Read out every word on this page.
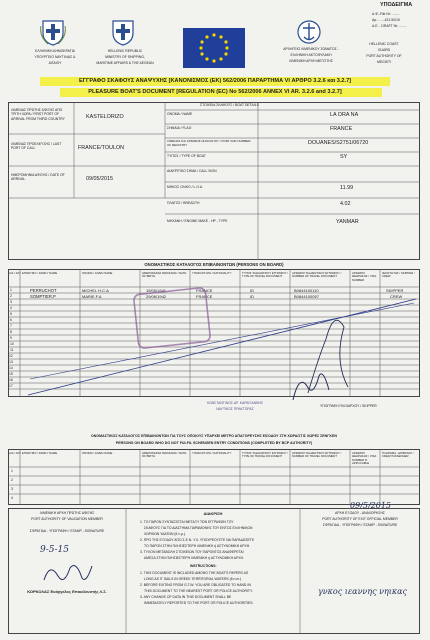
ΥΠΟΔΕΙΓΜΑ
Α.Φ.-File Nr: ........
Αρ.: ......421.50/15
Α.Ε. - DRAFT Nr: ........
ΕΛΛΗΝΙΚΗ ΔΗΜΟΚΡΑΤΙΑ
ΥΠΟΥΡΓΕΙΟ ΝΑΥΤΙΛΙΑΣ &
ΑΙΓΑΙΟΥ
HELLENIC REPUBLIC
MINISTRY OF SHIPPING,
MARITIME AFFAIRS & THE AEGEAN
ΑΡΧΗΓΕΙΟ ΛΙΜΕΝΙΚΟΥ ΣΩΜΑΤΟΣ -
ΕΛΛΗΝΙΚΗ ΑΚΤΟΦΥΛΑΚΗ
ΛΙΜΕΝΙΚΗ ΑΡΧΗ ΜΕΓΙΣΤΗΣ
HELLENIC COAST
GUARD
PORT AUTHORITY OF
MEGISTI
ΕΓΓΡΑΦΟ ΣΚΑΦΟΥΣ ΑΝΑΨΥΧΗΣ [ΚΑΝΟΝΙΣΜΟΣ (ΕΚ) 562/2006 ΠΑΡΑΡΤΗΜΑ VI ΑΡΘΡΟ 3.2.6 και 3.2.7]
PLEASURE BOAT'S DOCUMENT [REGULATION (EC) No 562/2006 ANNEX VI AR. 3.2.6 and 3.2.7]
ΛΙΜΕΝΑΣ ΠΡΩΤΗΣ ΑΦΙΞΗΣ ΑΠΟ ΤΡΙΤΗ ΧΩΡΑ / FIRST PORT OF ARRIVAL FROM THIRD COUNTRY	KASTELORIZO
ΛΙΜΕΝΑΣ ΠΡΟΕΛΕΥΣΗΣ / LAST PORT OF CALL	FRANCE/TOULON
ΗΜΕΡΟΜΗΝΙΑ ΑΦΙΞΗΣ / DATE OF ARRIVAL	09/05/2015
ΣΤΟΙΧΕΙΑ ΣΚΑΦΟΥΣ / BOAT DETAILS
ΟΝΟΜΑ / NAME	LA ORA NA
ΣΗΜΑΙΑ / FLAG	FRANCE
ΛΙΜΕΝΑΣ ΚΑΙ ΑΡΙΘΜΟΣ ΝΗΟΛΟΓΙΟΥ / PORT AND NUMBER OF REGISTRY	DOUANES/S2751/06720
ΤΥΠΟΣ / TYPE OF BOAT	SY
ΔΙΑΚΡΙΤΙΚΟ ΣΗΜΑ / CALL SIGN
ΜΗΚΟΣ ΟΛΙΚΟ / L.O.A.	11.99
ΠΛΑΤΟΣ / BREADTH	4.02
ΜΗΧΑΝΗ / ENGINE MAKE - HP - TYPE	YANMAR
ΟΝΟΜΑΣΤΙΚΟΣ ΚΑΤΑΛΟΓΟΣ ΕΠΙΒΑΙΝΟΝΤΩΝ (PERSONS ON BOARD)
Α/Α / S/N ΕΠΩΝΥΜΟ / FAMILY NAME	ΟΝΟΜΑ / GIVEN NAME	ΗΜΕΡΟΜΗΝΙΑ ΓΕΝΝΗΣΗΣ / DATE OF BIRTH
ΥΠΗΚΟΟΤΗΤΑ / NATIONALITY	ΤΥΠΟΣ ΤΑΞΙΔΙΩΤΙΚΟΥ ΕΓΓΡΑΦΟΥ / TYPE OF TRAVEL DOCUMENT
ΑΡΙΘΜΟΣ ΤΑΞΙΔΙΩΤΙΚΟΥ ΕΓΓΡΑΦΟΥ / NUMBER OF TRAVEL DOCUMENT
ΑΡΙΘΜΟΣ ΘΕΩΡΗΣΗΣ / VISA NUMBER
ΙΔΙΟΚΤΗΤΗΣ / SKIPPER / CREW
1	PERRUCHOT	MICHEL H.C.A	15/05/1941	FRANCE	ID	B0844100110	SKIPPER
2	SOMPTIER.P	MARIE.F.A	29/06/1942	FRANCE	ID	B0844100057	CREW
3
4
5
6
7
8
9
10
11
12
13
14
15
16
17
ΚΩΝΣΤΑΝΤΙΝΟΣ ΔΡ. ΚΑΡΑΓΙΑΝΝΗΣ
ΝΑΥΤΙΚΟΣ ΠΡΑΚΤΟΡΑΣ
ΥΠΟΓΡΑΦΗ ΠΛΟΙΑΡΧΟΥ / SKIPPER
ΟΝΟΜΑΣΤΙΚΟΣ ΚΑΤΑΛΟΓΟΣ ΕΠΙΒΑΙΝΟΝΤΩΝ ΓΙΑ ΤΟΥΣ ΟΠΟΙΟΥΣ ΥΠΑΡΧΕΙ ΜΕΤΡΟ ΑΠΑΓΟΡΕΥΣΗΣ ΕΙΣΟΔΟΥ ΣΤΗ ΧΩΡΑ/ΣΤΙΣ ΧΩΡΕΣ ΣΕΝΓΚΕΝ
PERSONS ON BOARD WHO DO NOT FULFIL SCHENGEN ENTRY CONDITIONS (COMPLETED BY BCP AUTHORITY)
Α/Α / S/N ΕΠΩΝΥΜΟ / FAMILY NAME	ΟΝΟΜΑ / GIVEN NAME	ΗΜΕΡΟΜΗΝΙΑ ΓΕΝΝΗΣΗΣ / DATE OF BIRTH
ΥΠΗΚΟΟΤΗΤΑ / NATIONALITY	ΤΥΠΟΣ ΤΑΞΙΔΙΩΤΙΚΟΥ ΕΓΓΡΑΦΟΥ / TYPE OF TRAVEL DOCUMENT
ΑΡΙΘΜΟΣ ΤΑΞΙΔΙΩΤΙΚΟΥ ΕΓΓΡΑΦΟΥ / NUMBER OF TRAVEL DOCUMENT
ΑΡΙΘΜΟΣ ΘΕΩΡΗΣΗΣ / VISA NUMBER IF APPLICABLE
ΠΛΗΡΩΜΑ - ΕΠΙΒΑΤΗΣ / CREW PASSENGER
1
2
3
4
ΛΙΜΕΝΙΚΗ ΑΡΧΗ ΠΡΩΤΗΣ ΑΦΙΞΗΣ
PORT AUTHORITY OF VALIDATION MEMBER
ΣΦΡΑΓΙΔΑ - ΥΠΟΓΡΑΦΗ / STAMP - SIGNATURE
9-5-15
ΚΟΡΚΟΛΑΣ Ευάγγελος Επικελευστής Λ.Σ.
ΔΙΑΚΡΙΣΗ
1. ΤΟ ΠΑΡΟΝ ΣΥΝΤΑΣΣΕΤΑΙ ΜΕΤΑΞΥ ΤΩΝ ΕΓΓΡΑΦΩΝ ΤΟΥ
ΣΚΑΦΟΥΣ ΓΙΑ ΤΟ ΔΙΑΣΤΗΜΑ ΠΑΡΑΜΟΝΗΣ ΤΟΥ ΕΝΤΟΣ ΕΛΛΗΝΙΚΩΝ
ΧΩΡΙΚΩΝ ΥΔΑΤΩΝ (6 ν.μ.).
2. ΠΡΟ ΤΗΣ ΕΞΟΔΟΥ ΑΠΟ Σ.Ε.Ν. Υ.Χ. ΥΠΟΧΡΕΟΥΣΤΕ ΝΑ ΠΑΡΑΔΩΣΕΤΕ
ΤΟ ΠΑΡΟΝ ΣΤΗΝ ΠΛΗΣΙΕΣΤΕΡΗ ΛΙΜΕΝΙΚΗ ή ΑΣΤΥΝΟΜΙΚΗ ΑΡΧΗ.
3. ΤΥΧΟΝ ΜΕΤΑΒΟΛΗ ΣΤΟΙΧΕΙΩΝ ΤΟΥ ΠΑΡΟΝΤΟΣ ΑΝΑΦΕΡΕΤΑΙ
ΑΜΕΣΑ ΣΤΗΝ ΠΛΗΣΙΕΣΤΕΡΗ ΛΙΜΕΝΙΚΗ ή ΑΣΤΥΝΟΜΙΚΗ ΑΡΧΗ.
INSTRUCTIONS:
1. THIS DOCUMENT IS INCLUDED AMONG THE BOAT'S PAPERS AS
LONG AS IT SAILS IN GREEK TERRITORIAL WATERS (6 n.m.)
2. BEFORE EXITING FROM G.T.W. YOU ARE OBLIGATED TO HAND-IN
THIS DOCUMENT TO THE NEAREST PORT OR POLICE AUTHORITY.
3. ANY CHANGE OF DATA IN THIS DOCUMENT SHALL BE
IMMEDIATELY REPORTED TO THE PORT OR POLICE AUTHORITIES.
ΑΡΧΗ ΕΞΟΔΟΥ - ΑΝΑΧΩΡΗΣΗΣ
PORT AUTHORITY OF EXIT OFFICIAL MEMBER
ΣΦΡΑΓΙΔΑ - ΥΠΟΓΡΑΦΗ / STAMP - SIGNATURE
09/5/2015
γνκος ιεαννης νηικας
